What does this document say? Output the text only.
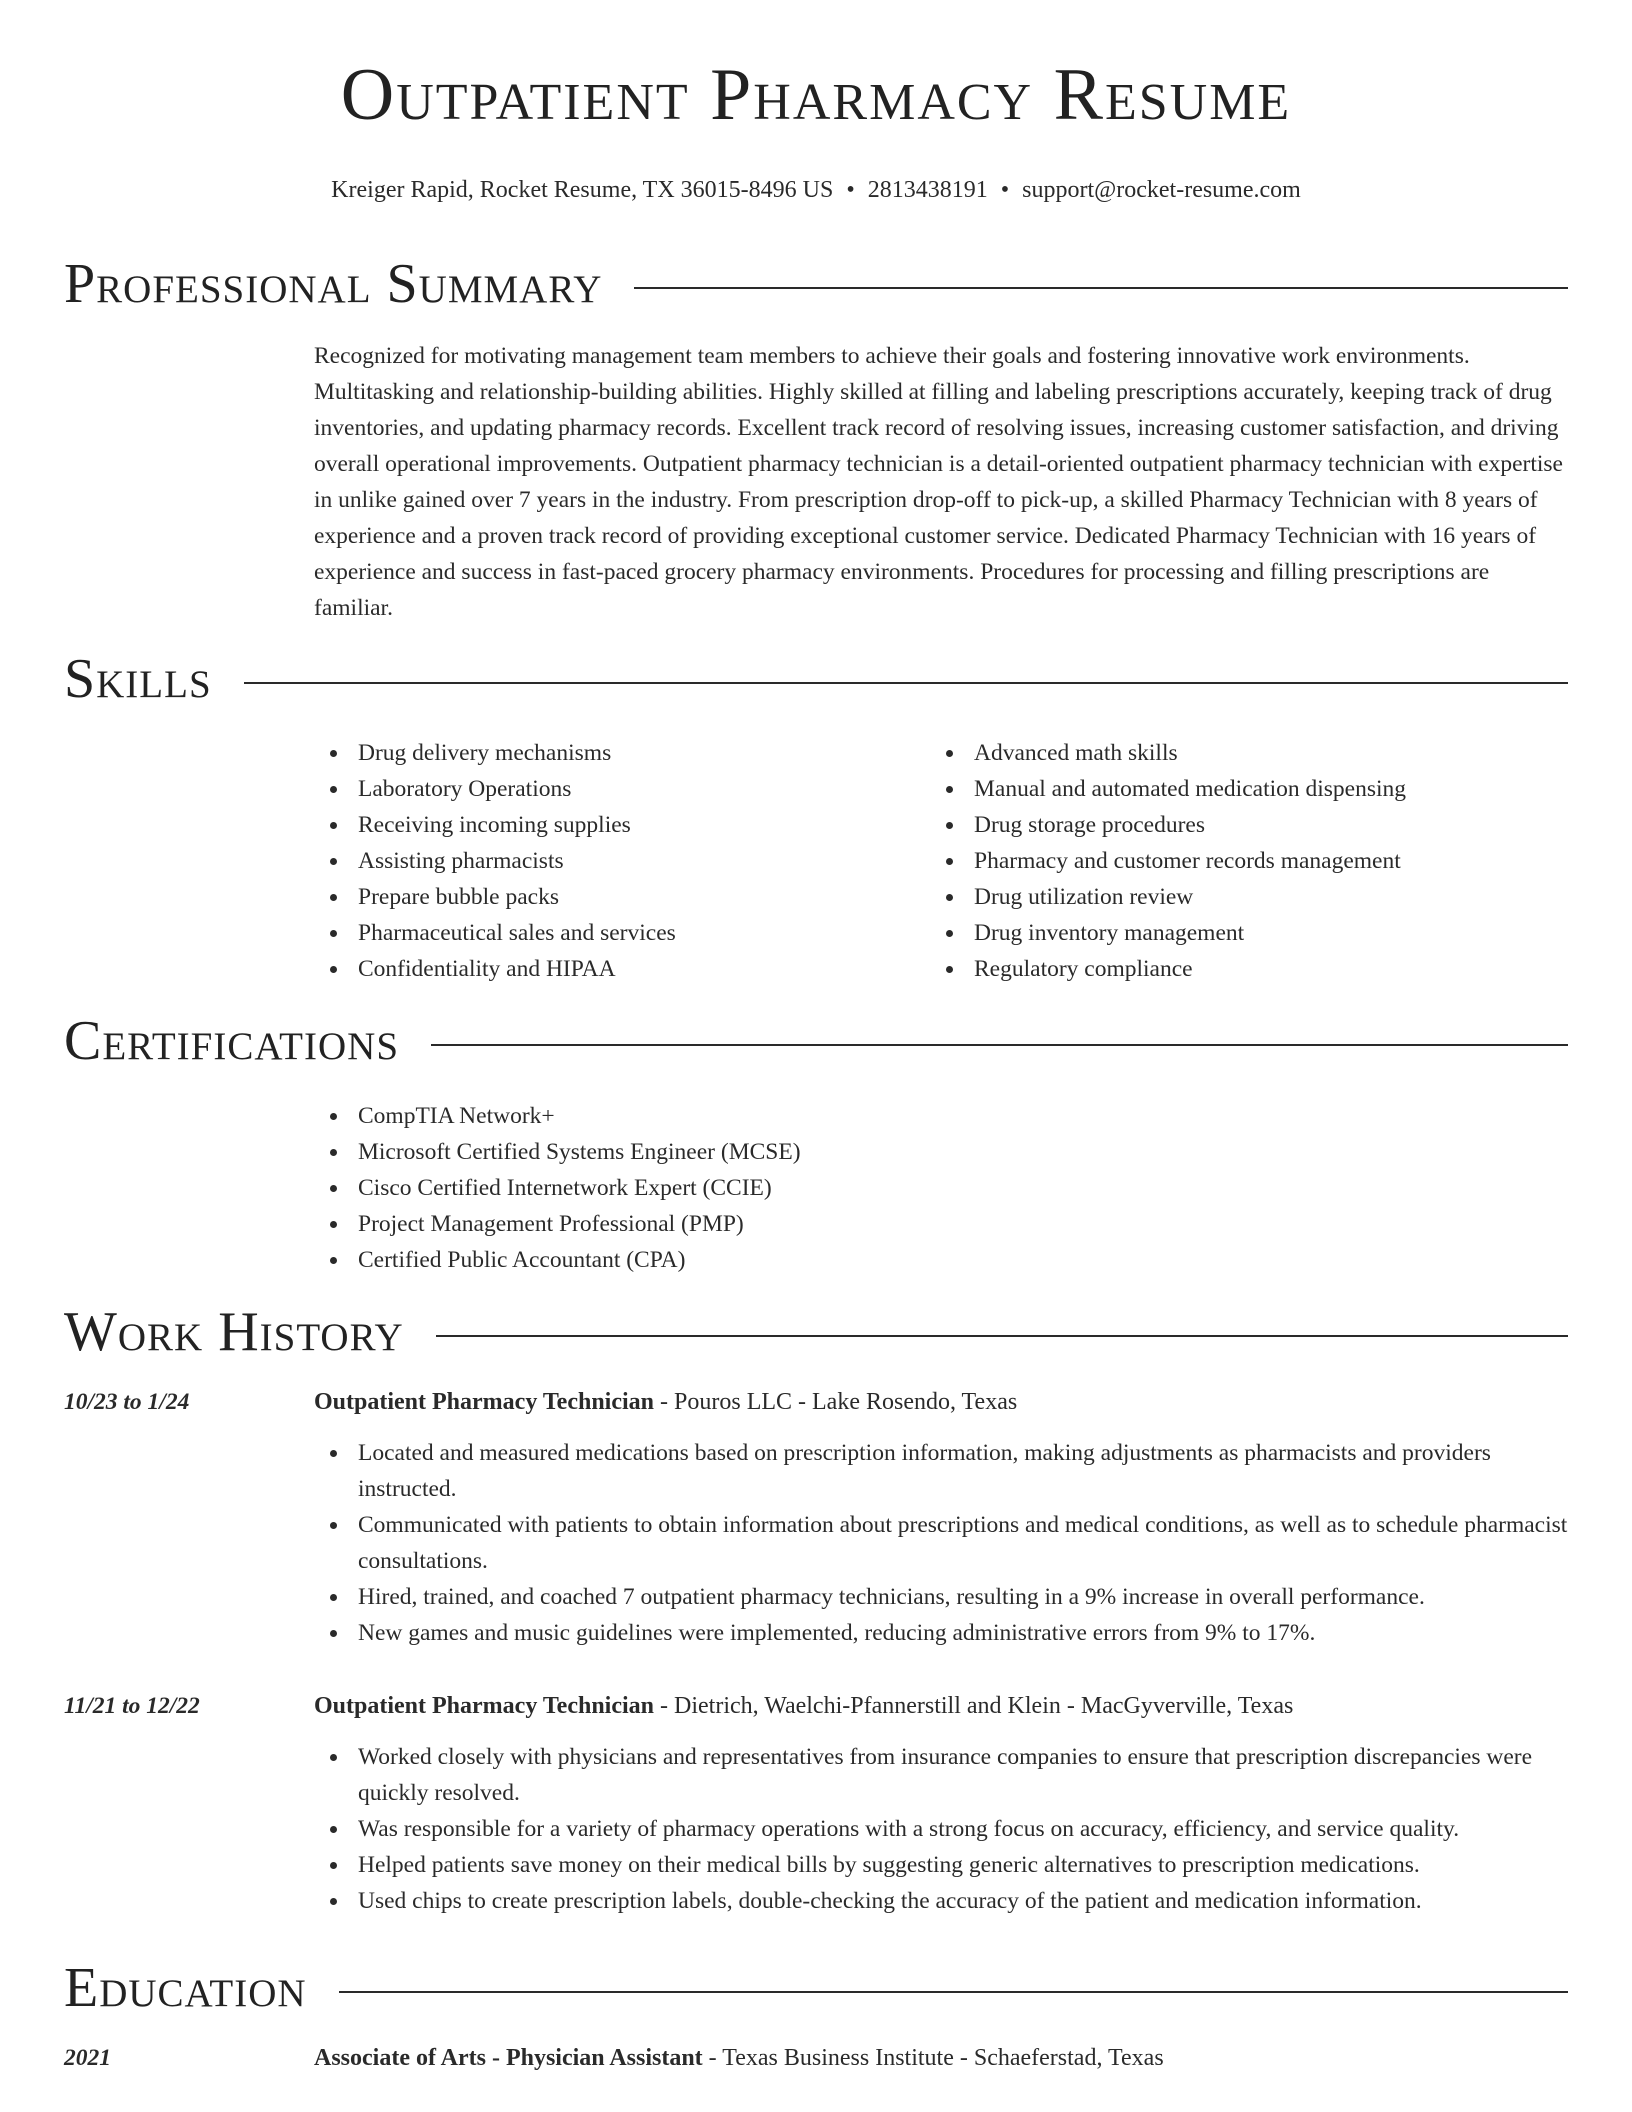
Outpatient Pharmacy Resume
Kreiger Rapid, Rocket Resume, TX 36015-8496 US • 2813438191 • support@rocket-resume.com
Professional Summary
Recognized for motivating management team members to achieve their goals and fostering innovative work environments. Multitasking and relationship-building abilities. Highly skilled at filling and labeling prescriptions accurately, keeping track of drug inventories, and updating pharmacy records. Excellent track record of resolving issues, increasing customer satisfaction, and driving overall operational improvements. Outpatient pharmacy technician is a detail-oriented outpatient pharmacy technician with expertise in unlike gained over 7 years in the industry. From prescription drop-off to pick-up, a skilled Pharmacy Technician with 8 years of experience and a proven track record of providing exceptional customer service. Dedicated Pharmacy Technician with 16 years of experience and success in fast-paced grocery pharmacy environments. Procedures for processing and filling prescriptions are familiar.
Skills
Drug delivery mechanisms
Laboratory Operations
Receiving incoming supplies
Assisting pharmacists
Prepare bubble packs
Pharmaceutical sales and services
Confidentiality and HIPAA
Advanced math skills
Manual and automated medication dispensing
Drug storage procedures
Pharmacy and customer records management
Drug utilization review
Drug inventory management
Regulatory compliance
Certifications
CompTIA Network+
Microsoft Certified Systems Engineer (MCSE)
Cisco Certified Internetwork Expert (CCIE)
Project Management Professional (PMP)
Certified Public Accountant (CPA)
Work History
10/23 to 1/24	Outpatient Pharmacy Technician - Pouros LLC - Lake Rosendo, Texas
Located and measured medications based on prescription information, making adjustments as pharmacists and providers instructed.
Communicated with patients to obtain information about prescriptions and medical conditions, as well as to schedule pharmacist consultations.
Hired, trained, and coached 7 outpatient pharmacy technicians, resulting in a 9% increase in overall performance.
New games and music guidelines were implemented, reducing administrative errors from 9% to 17%.
11/21 to 12/22	Outpatient Pharmacy Technician - Dietrich, Waelchi-Pfannerstill and Klein - MacGyverville, Texas
Worked closely with physicians and representatives from insurance companies to ensure that prescription discrepancies were quickly resolved.
Was responsible for a variety of pharmacy operations with a strong focus on accuracy, efficiency, and service quality.
Helped patients save money on their medical bills by suggesting generic alternatives to prescription medications.
Used chips to create prescription labels, double-checking the accuracy of the patient and medication information.
Education
2021	Associate of Arts - Physician Assistant - Texas Business Institute - Schaeferstad, Texas
